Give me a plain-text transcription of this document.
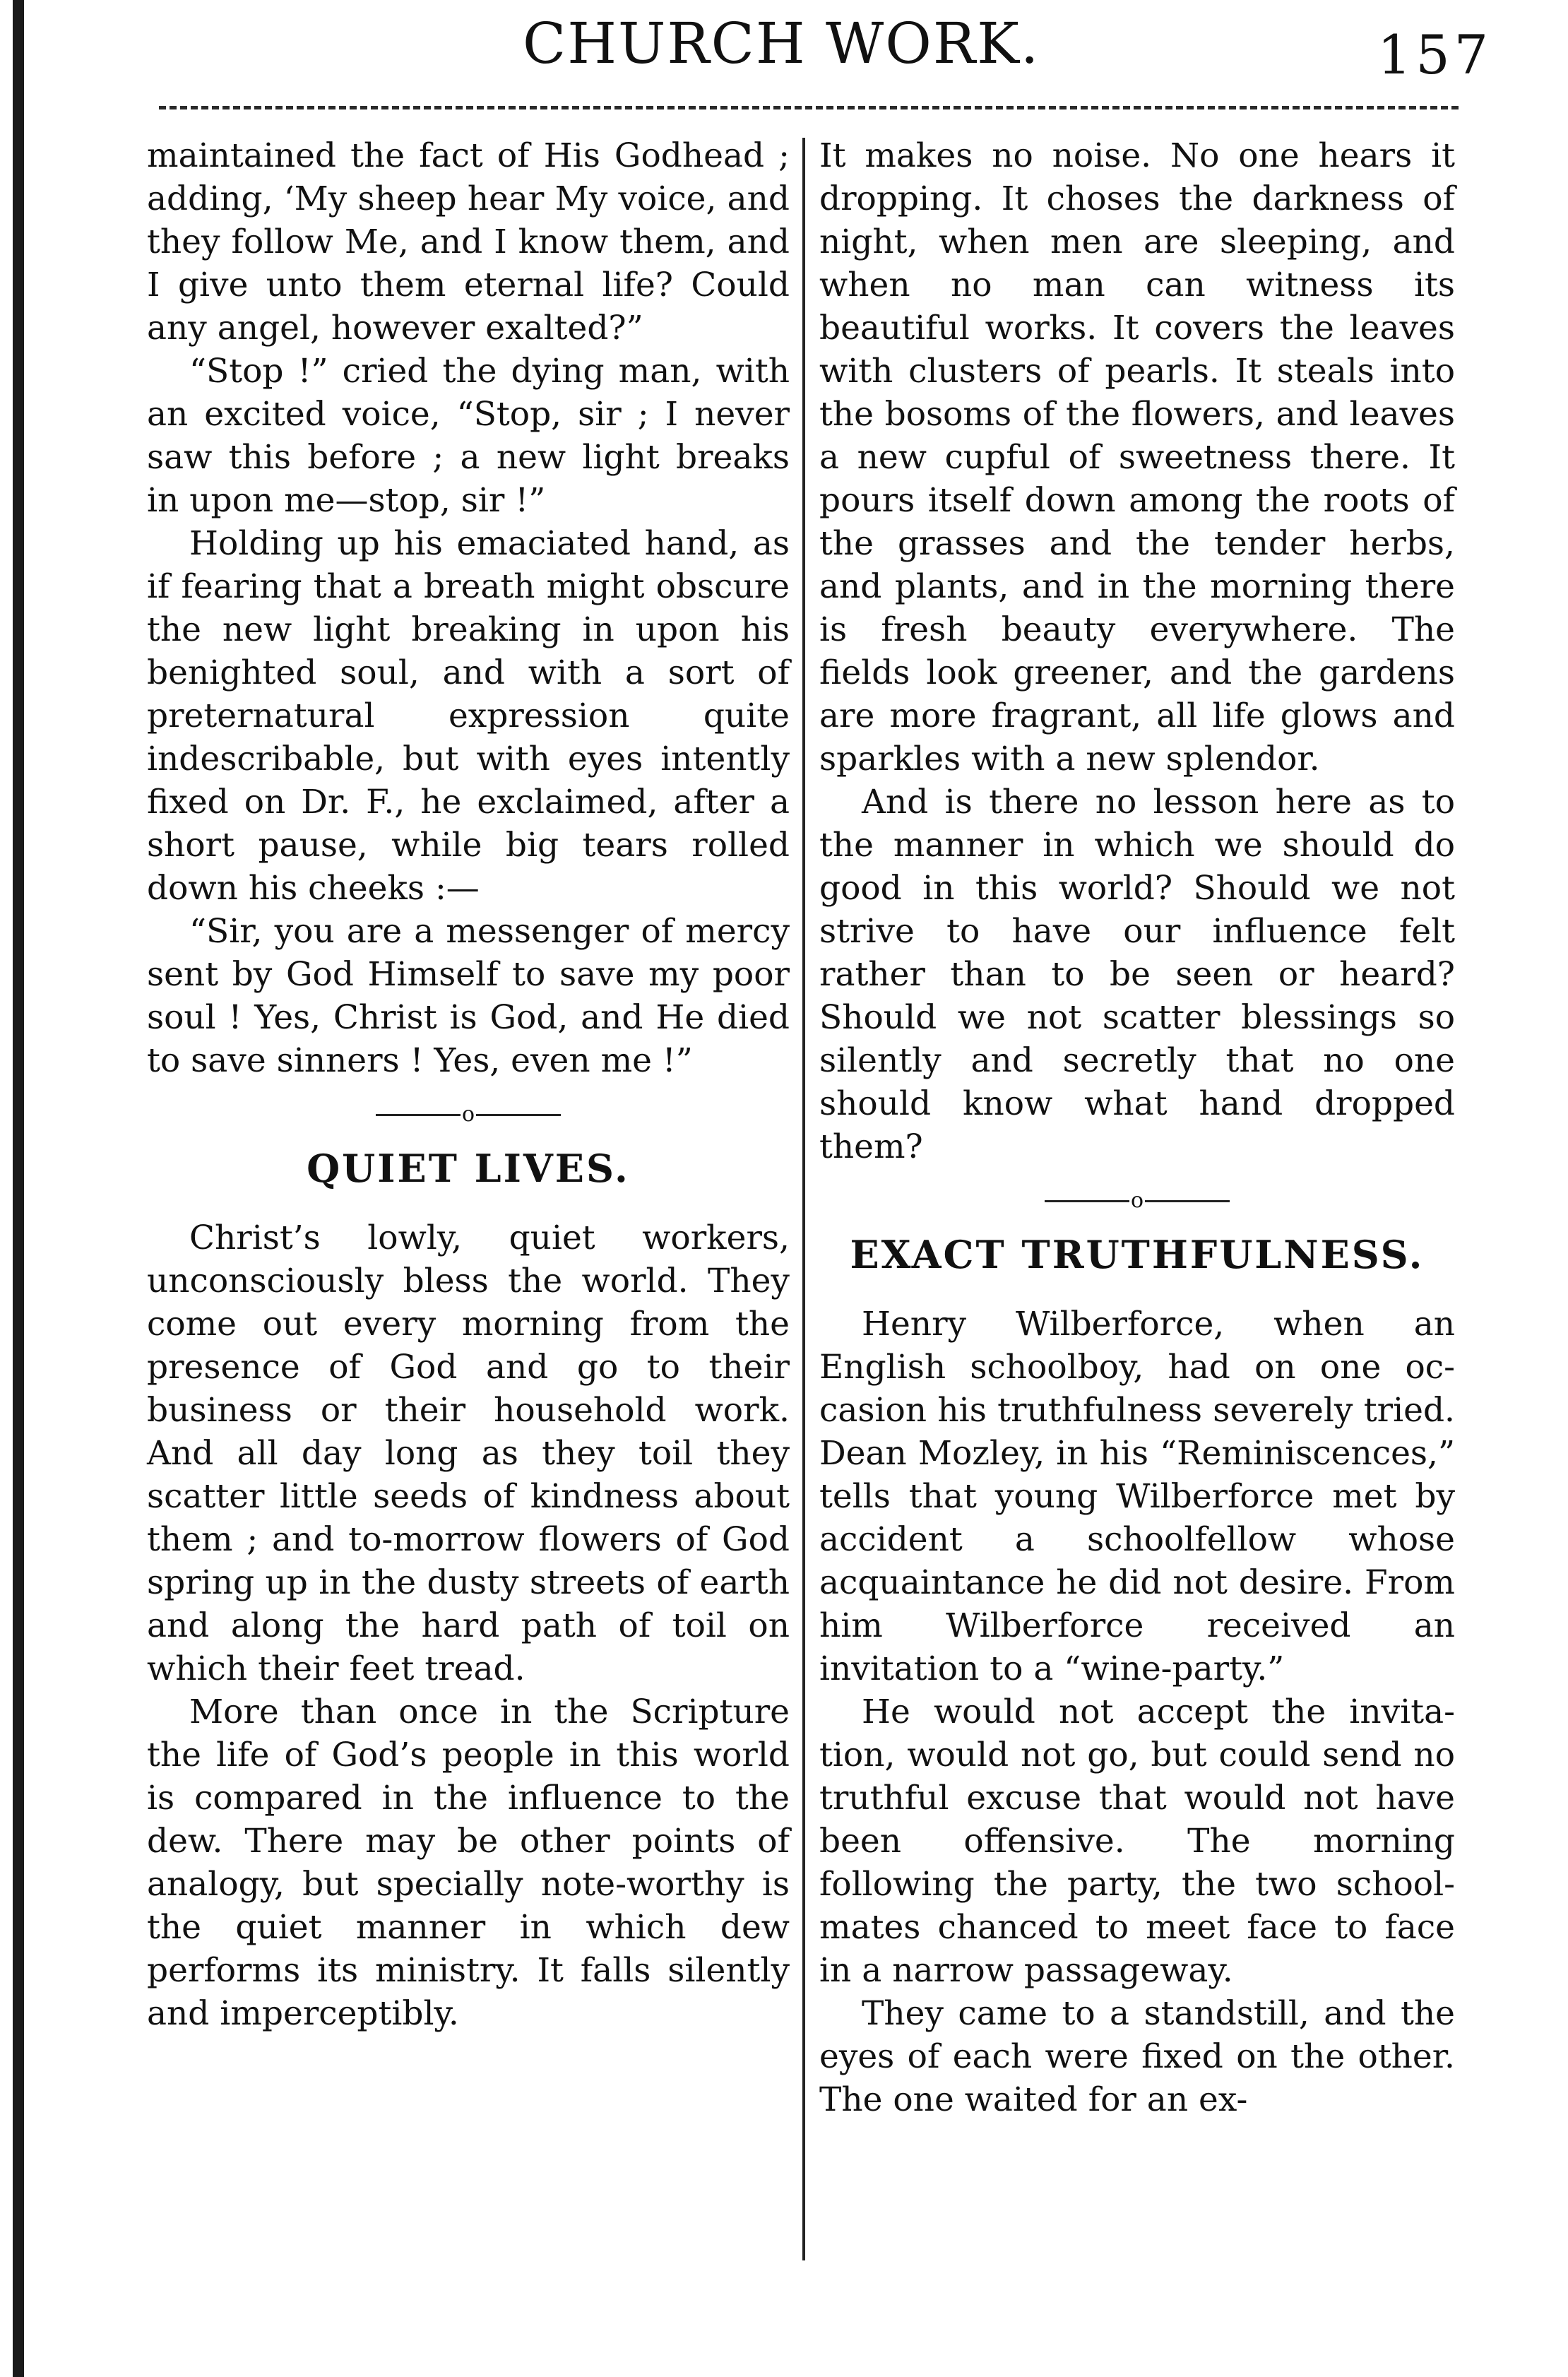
CHURCH WORK.	157

maintained the fact of His Godhead ; adding, ‘My sheep hear My voice, and they follow Me, and I know them, and I give unto them eternal life? Could any angel, however exalted?”

“Stop !” cried the dying man, with an excited voice, “Stop, sir ; I never saw this before ; a new light breaks in upon me—stop, sir !”

Holding up his emaciated hand, as if fearing that a breath might obscure the new light breaking in upon his benighted soul, and with a sort of preternatural expression quite indescribable, but with eyes intently fixed on Dr. F., he exclaimed, after a short pause, while big tears rolled down his cheeks :—

“Sir, you are a messenger of mercy sent by God Himself to save my poor soul ! Yes, Christ is God, and He died to save sinners ! Yes, even me !”

o
QUIET LIVES.

Christ’s lowly, quiet workers, unconsciously bless the world. They come out every morning from the presence of God and go to their business or their household work. And all day long as they toil they scatter little seeds of kindness about them ; and to-morrow flowers of God spring up in the dusty streets of earth and along the hard path of toil on which their feet tread.

More than once in the Scripture the life of God’s people in this world is compared in the influence to the dew. There may be other points of analogy, but specially note-worthy is the quiet manner in which dew performs its ministry. It falls silently and imperceptibly.

It makes no noise. No one hears it dropping. It choses the darkness of night, when men are sleeping, and when no man can witness its beautiful works. It covers the leaves with clusters of pearls. It steals into the bosoms of the flowers, and leaves a new cupful of sweetness there. It pours itself down among the roots of the grasses and the tender herbs, and plants, and in the morning there is fresh beauty everywhere. The fields look greener, and the gardens are more fragrant, all life glows and sparkles with a new splendor.

And is there no lesson here as to the manner in which we should do good in this world? Should we not strive to have our influence felt rather than to be seen or heard? Should we not scatter blessings so silently and secretly that no one should know what hand dropped them?

o
EXACT TRUTHFULNESS.

Henry Wilberforce, when an English schoolboy, had on one occasion his truthfulness severely tried. Dean Mozley, in his “Reminiscences,” tells that young Wilberforce met by accident a schoolfellow whose acquaintance he did not desire. From him Wilberforce received an invitation to a “wine-party.”

He would not accept the invitation, would not go, but could send no truthful excuse that would not have been offensive. The morning following the party, the two schoolmates chanced to meet face to face in a narrow passageway.

They came to a standstill, and the eyes of each were fixed on the other. The one waited for an ex-
